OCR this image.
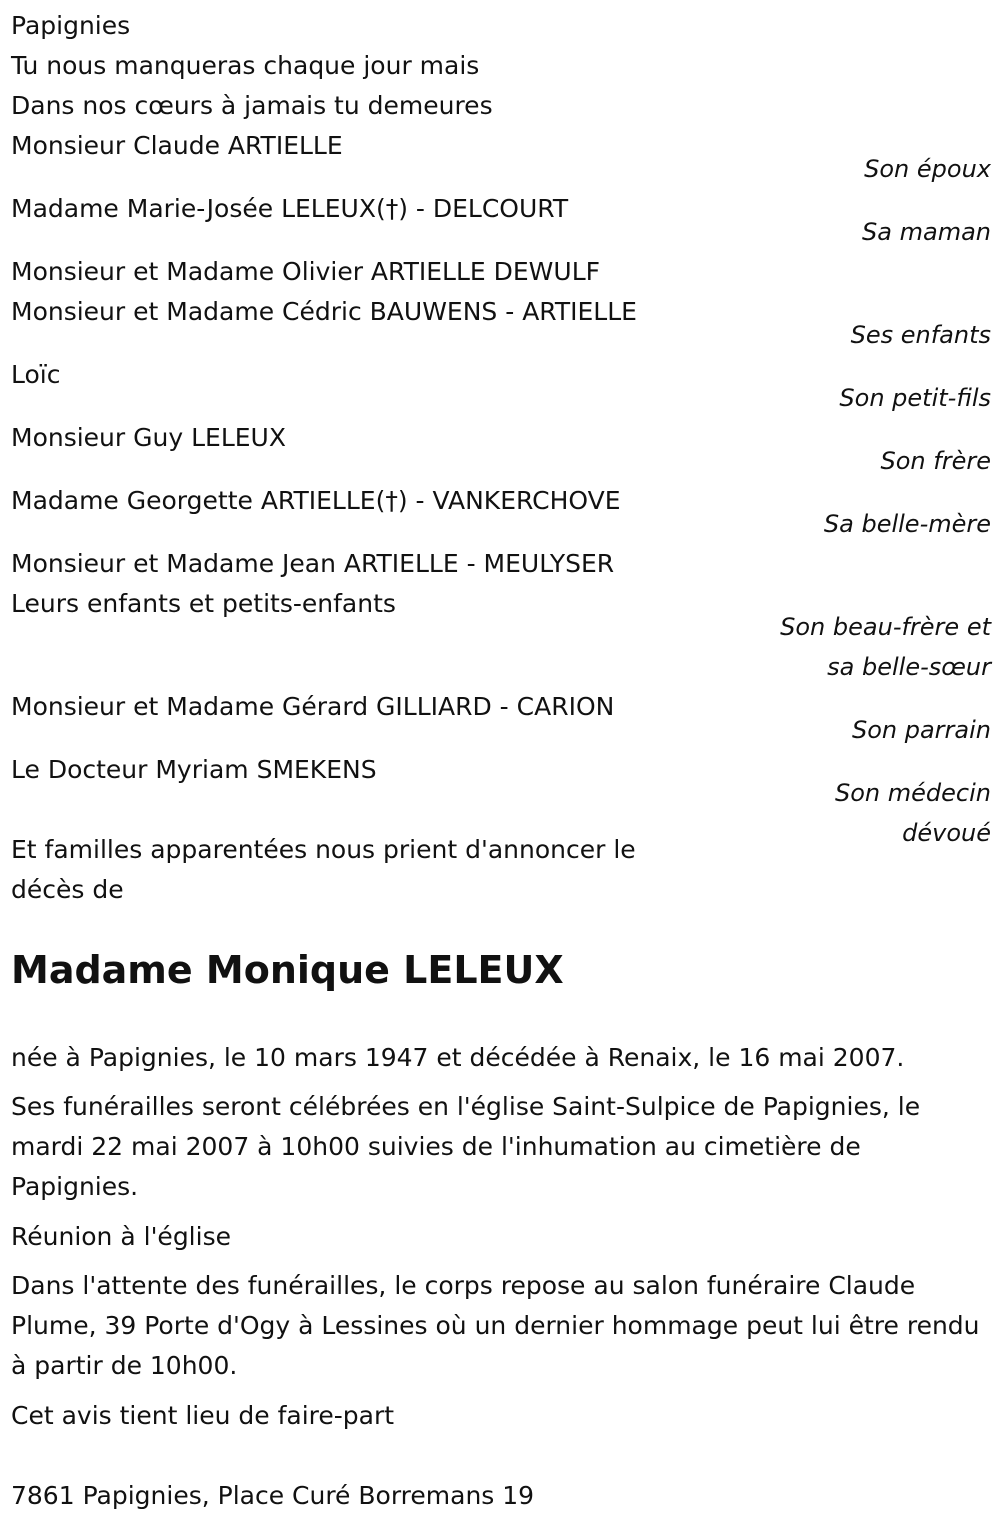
Papignies
Tu nous manqueras chaque jour mais
Dans nos cœurs à jamais tu demeures
Monsieur Claude ARTIELLE
Son époux
Madame Marie-Josée LELEUX(†) - DELCOURT
Sa maman
Monsieur et Madame Olivier ARTIELLE DEWULF
Monsieur et Madame Cédric BAUWENS - ARTIELLE
Ses enfants
Loïc
Son petit-fils
Monsieur Guy LELEUX
Son frère
Madame Georgette ARTIELLE(†) - VANKERCHOVE
Sa belle-mère
Monsieur et Madame Jean ARTIELLE - MEULYSER
Leurs enfants et petits-enfants
Son beau-frère et
sa belle-sœur
Monsieur et Madame Gérard GILLIARD - CARION
Son parrain
Le Docteur Myriam SMEKENS
Son médecin
dévoué
Et familles apparentées nous prient d'annoncer le
décès de
Madame Monique LELEUX
née à Papignies, le 10 mars 1947 et décédée à Renaix, le 16 mai 2007.
Ses funérailles seront célébrées en l'église Saint-Sulpice de Papignies, le mardi 22 mai 2007 à 10h00 suivies de l'inhumation au cimetière de Papignies.
Réunion à l'église
Dans l'attente des funérailles, le corps repose au salon funéraire Claude Plume, 39 Porte d'Ogy à Lessines où un dernier hommage peut lui être rendu à partir de 10h00.
Cet avis tient lieu de faire-part
7861 Papignies, Place Curé Borremans 19
